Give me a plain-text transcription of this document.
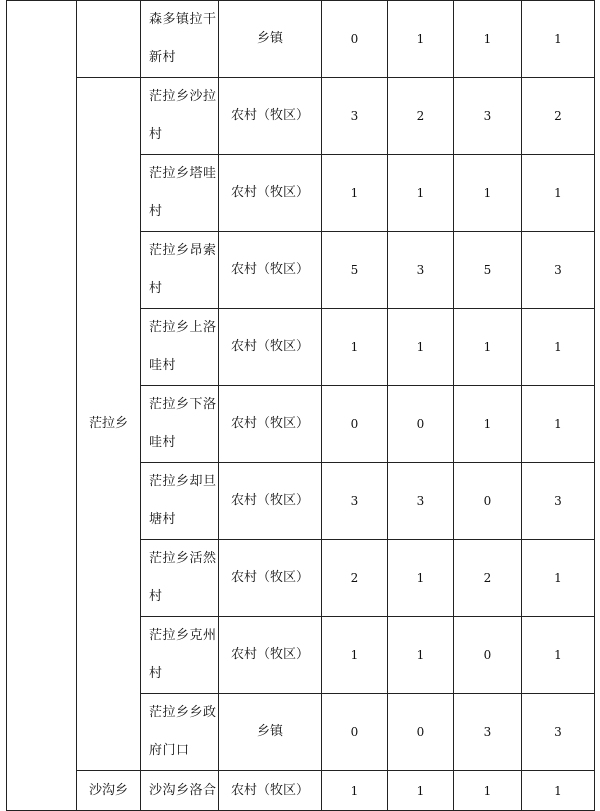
		森多镇拉干
新村	乡镇	0	1	1	1
	茫拉乡	茫拉乡沙拉
村	农村（牧区）	3	2	3	2

		茫拉乡塔哇
村	农村（牧区）	1	1	1	1

		茫拉乡昂索
村	农村（牧区）	5	3	5	3

		茫拉乡上洛
哇村	农村（牧区）	1	1	1	1

		茫拉乡下洛
哇村	农村（牧区）	0	0	1	1

		茫拉乡却旦
塘村	农村（牧区）	3	3	0	3

		茫拉乡活然
村	农村（牧区）	2	1	2	1

		茫拉乡克州
村	农村（牧区）	1	1	0	1

		茫拉乡乡政
府门口	乡镇	0	0	3	3
	沙沟乡	沙沟乡洛合	农村（牧区）	1	1	1	1
